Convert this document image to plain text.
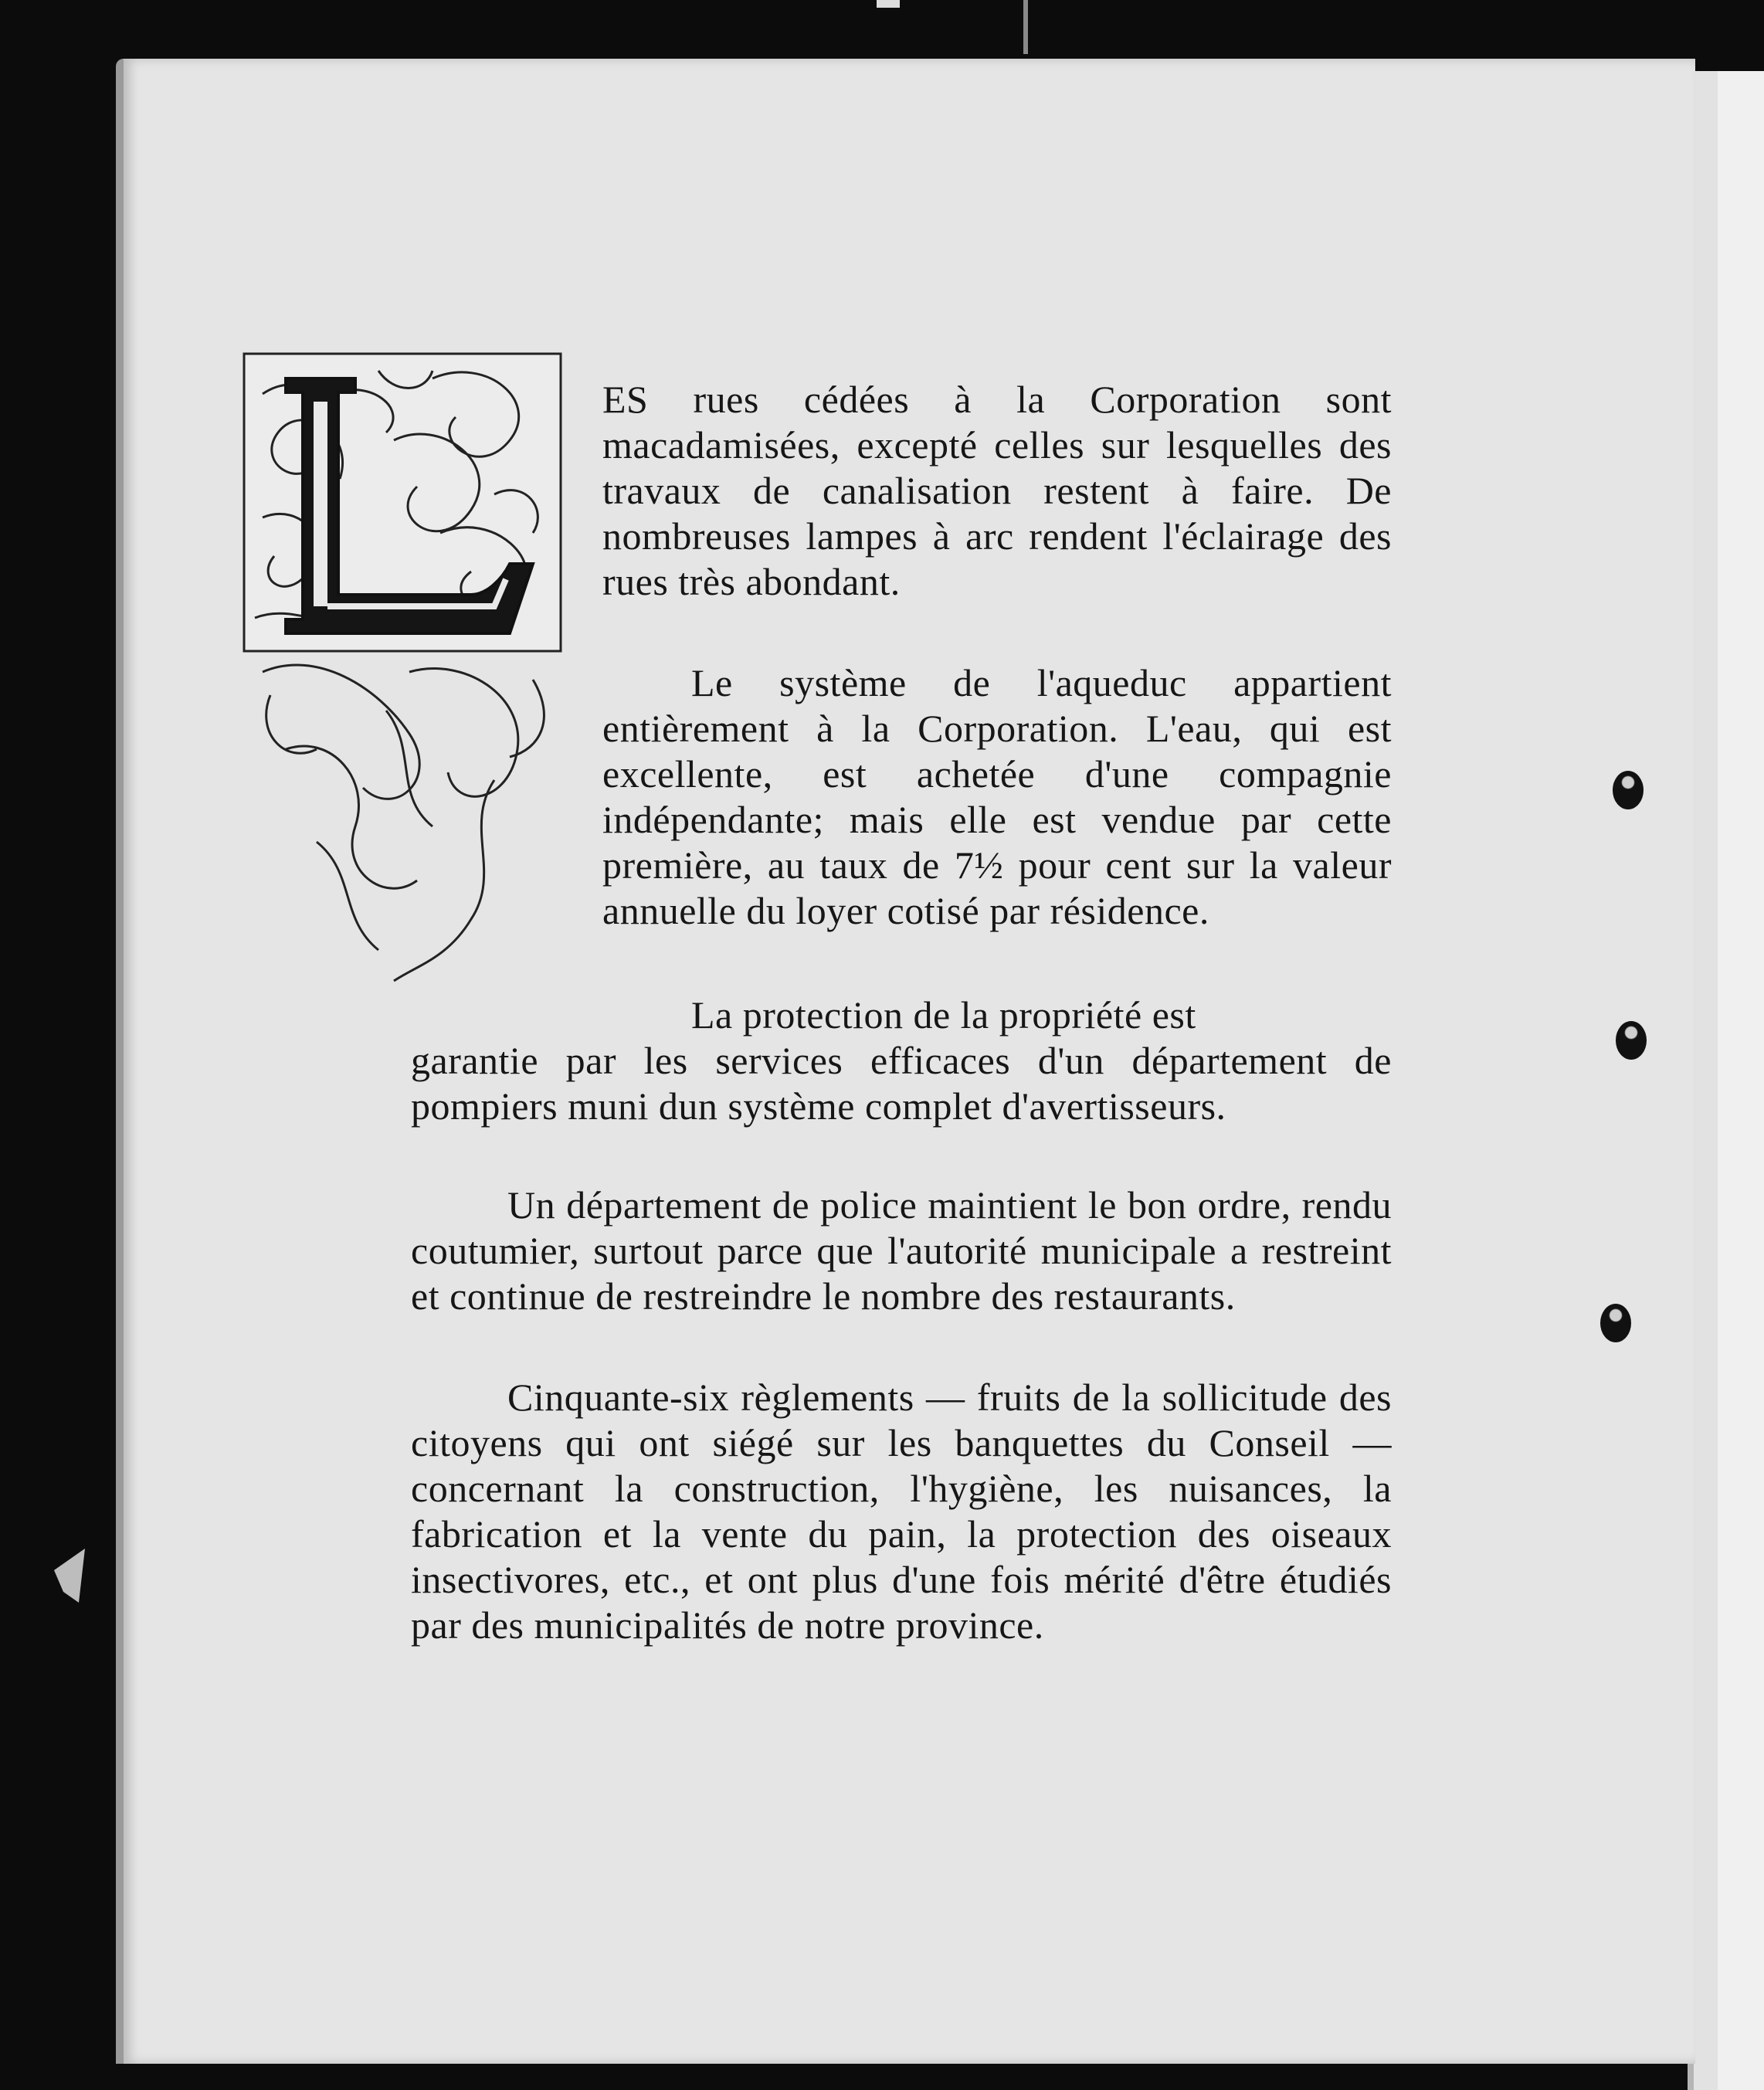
ES rues cédées à la Corporation sont macadamisées, excepté celles sur lesquelles des travaux de canalisation restent à faire. De nombreuses lampes à arc rendent l'éclairage des rues très abondant.

Le système de l'aqueduc appartient entièrement à la Corporation. L'eau, qui est excellente, est achetée d'une compagnie indépendante; mais elle est vendue par cette première, au taux de 7½ pour cent sur la valeur annuelle du loyer cotisé par résidence.

La protection de la propriété est

garantie par les services efficaces d'un département de pompiers muni dun système complet d'avertisseurs.

Un département de police maintient le bon ordre, rendu coutumier, surtout parce que l'autorité municipale a restreint et continue de restreindre le nombre des restaurants.

Cinquante-six règlements — fruits de la sollicitude des citoyens qui ont siégé sur les banquettes du Conseil — concernant la construction, l'hygiène, les nuisances, la fabrication et la vente du pain, la protection des oiseaux insectivores, etc., et ont plus d'une fois mérité d'être étudiés par des municipalités de notre province.
